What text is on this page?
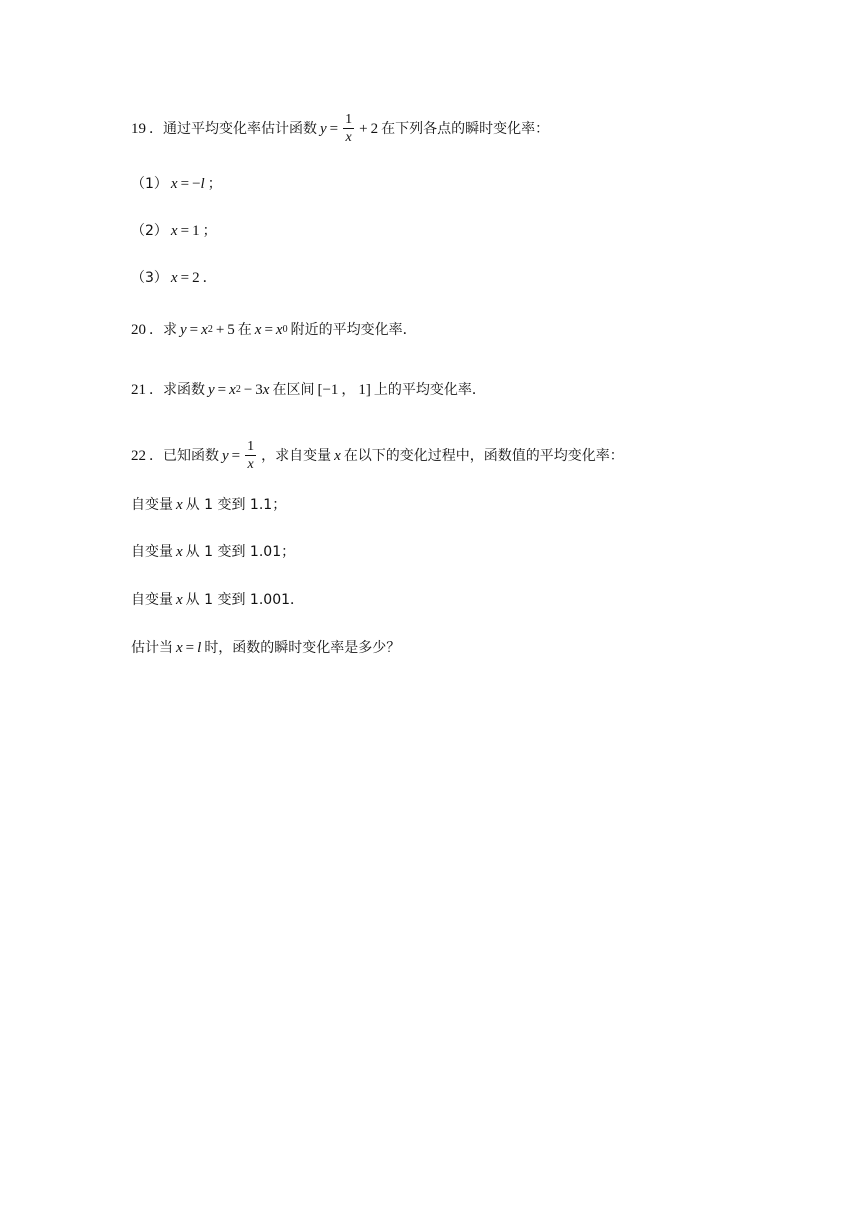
19 ．通过平均变化率估计函数 $y = \frac{1}{x} + 2$ 在下列各点的瞬时变化率：
（1） x = − l ；
（2） x = 1 ；
（3） x = 2 ．
20 ．求 y = x 2 + 5 在 x = x 0 附近的平均变化率．
21 ．求函数 y = x 2 − 3 x 在区间 [ −1 ， 1 ] 上的平均变化率．
22 ．已知函数 $y = \frac{1}{x}$ ，求自变量 x 在以下的变化过程中，函数值的平均变化率：
自变量 x 从 1 变到 1.1；
自变量 x 从 1 变到 1.01；
自变量 x 从 1 变到 1.001．
估计当 x = l 时，函数的瞬时变化率是多少？
